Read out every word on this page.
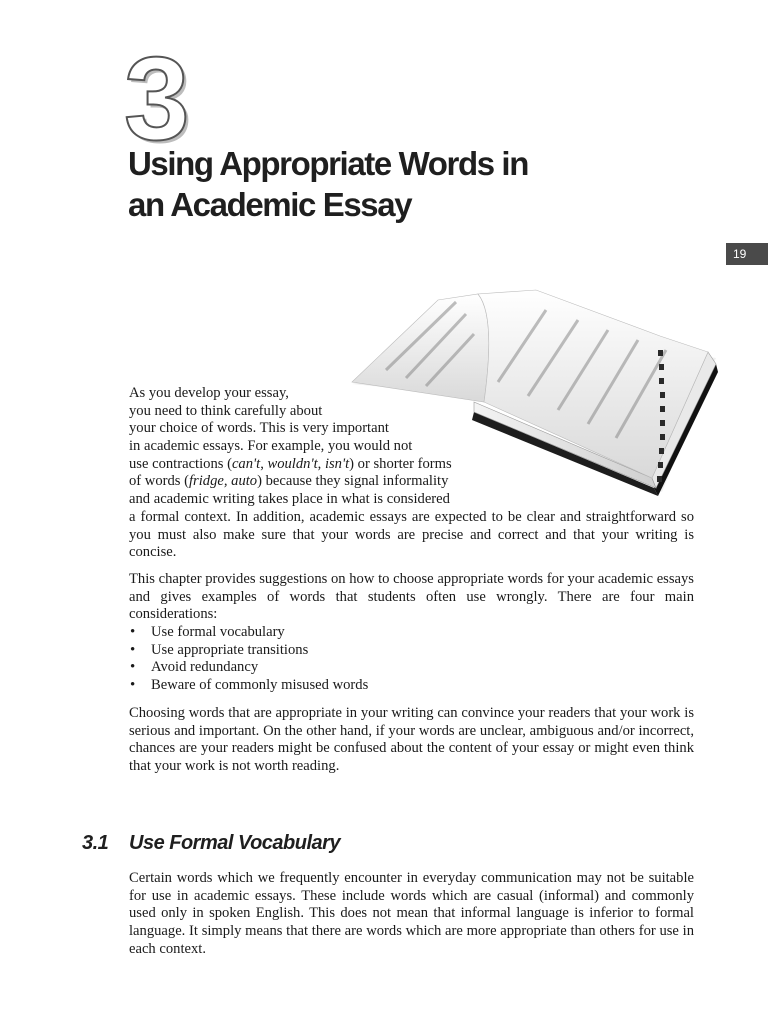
3
Using Appropriate Words in
an Academic Essay
19
As you develop your essay,
you need to think carefully about
your choice of words. This is very important
in academic essays. For example, you would not
use contractions (can't, wouldn't, isn't) or shorter forms
of words (fridge, auto) because they signal informality
and academic writing takes place in what is considered

a formal context. In addition, academic essays are expected to be clear and straightforward so you must also make sure that your words are precise and correct and that your writing is concise.

This chapter provides suggestions on how to choose appropriate words for your academic essays and gives examples of words that students often use wrongly. There are four main considerations:

• Use formal vocabulary
• Use appropriate transitions
• Avoid redundancy
• Beware of commonly misused words

Choosing words that are appropriate in your writing can convince your readers that your work is serious and important. On the other hand, if your words are unclear, ambiguous and/or incorrect, chances are your readers might be confused about the content of your essay or might even think that your work is not worth reading.

3.1 Use Formal Vocabulary

Certain words which we frequently encounter in everyday communication may not be suitable for use in academic essays. These include words which are casual (informal) and commonly used only in spoken English. This does not mean that informal language is inferior to formal language. It simply means that there are words which are more appropriate than others for use in each context.
